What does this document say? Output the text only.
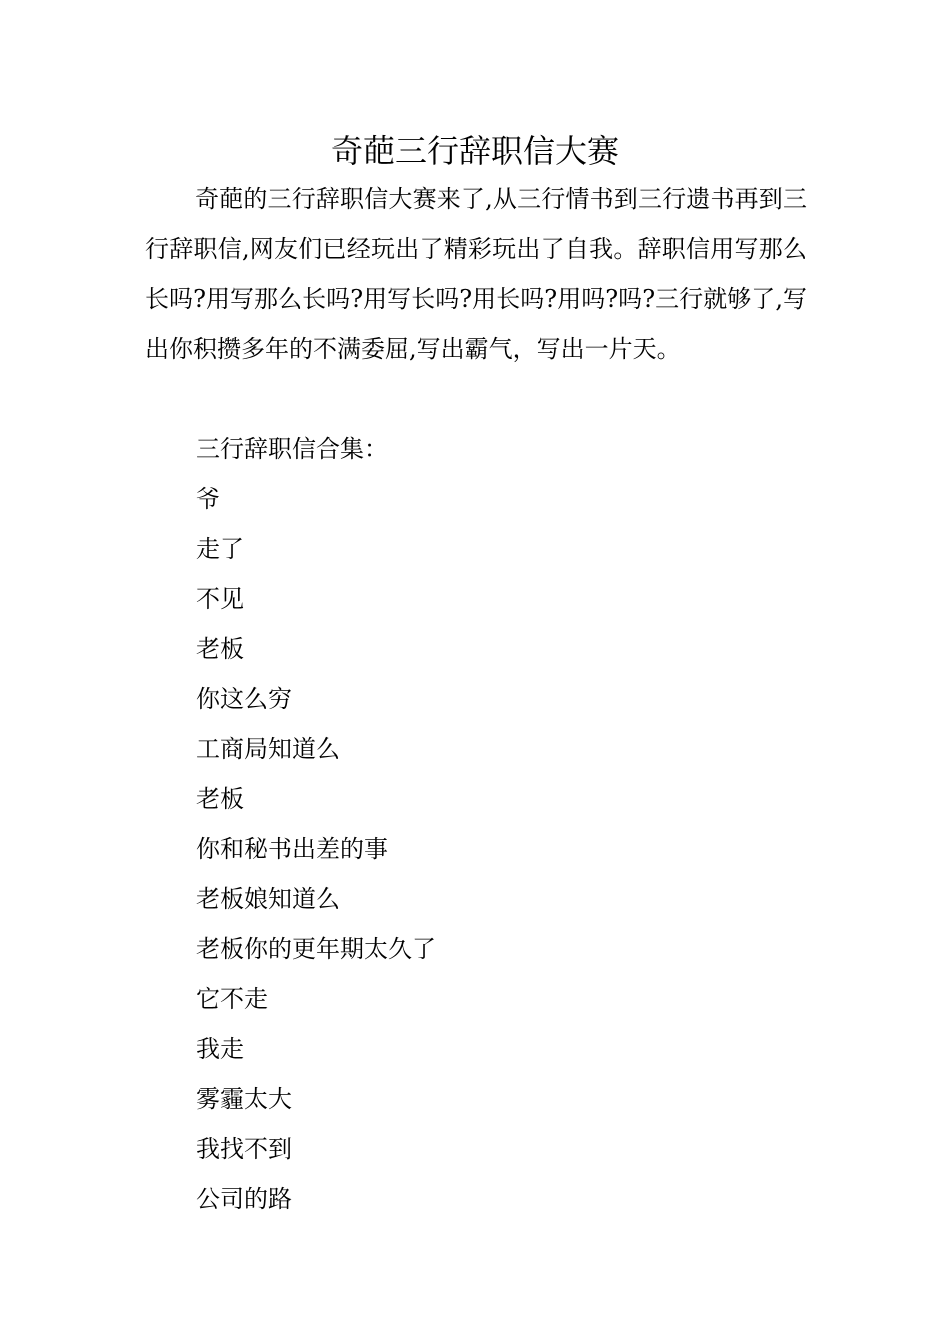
奇葩三行辞职信大赛

奇葩的三行辞职信大赛来了,从三行情书到三行遗书再到三行辞职信,网友们已经玩出了精彩玩出了自我。辞职信用写那么长吗?用写那么长吗?用写长吗?用长吗?用吗?吗?三行就够了,写出你积攒多年的不满委屈,写出霸气，写出一片天。

三行辞职信合集：
爷
走了
不见
老板
你这么穷
工商局知道么
老板
你和秘书出差的事
老板娘知道么
老板你的更年期太久了
它不走
我走
雾霾太大
我找不到
公司的路
